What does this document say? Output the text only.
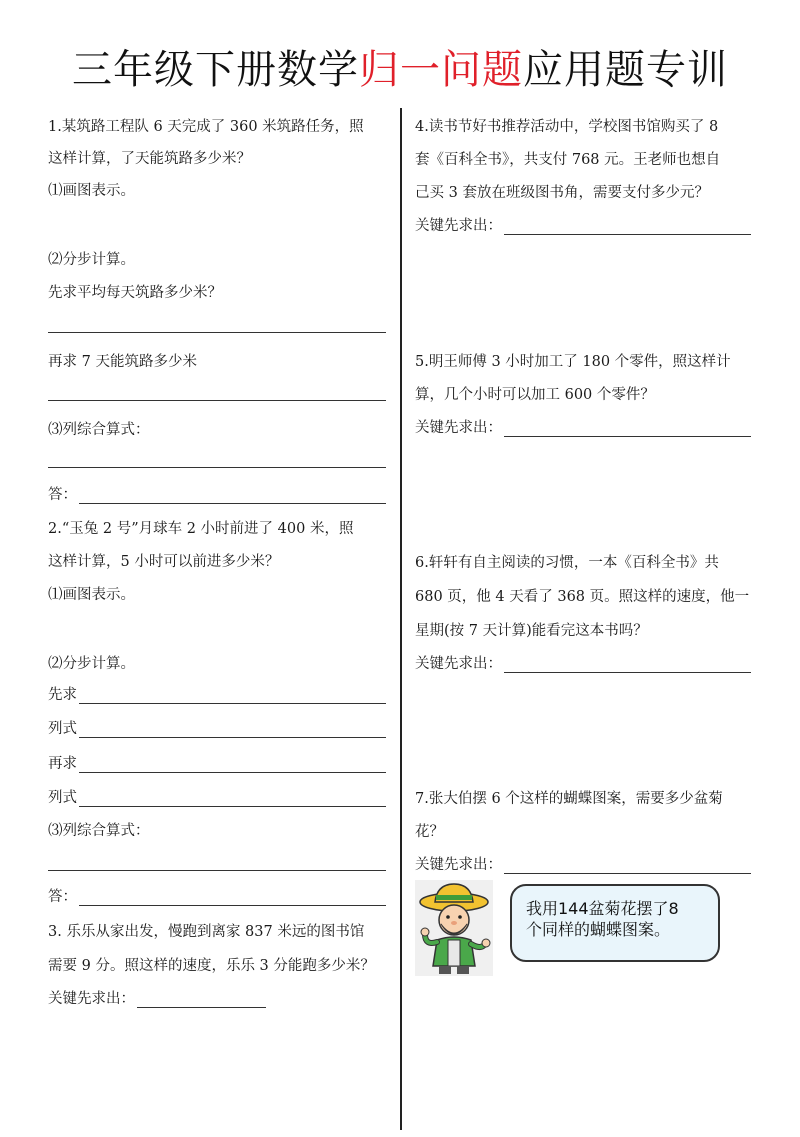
三年级下册数学归一问题应用题专训
1.某筑路工程队 6 天完成了 360 米筑路任务，照
这样计算，了天能筑路多少米？
⑴画图表示。
⑵分步计算。
先求平均每天筑路多少米？
再求 7 天能筑路多少米
⑶列综合算式：
答：
2.“玉兔 2 号”月球车 2 小时前进了 400 米，照
这样计算，5 小时可以前进多少米？
⑴画图表示。
⑵分步计算。
先求
列式
再求
列式
⑶列综合算式：
答：
3. 乐乐从家出发，慢跑到离家 837 米远的图书馆
需要 9 分。照这样的速度，乐乐 3 分能跑多少米？
关键先求出：
4.读书节好书推荐活动中，学校图书馆购买了 8
套《百科全书》，共支付 768 元。王老师也想自
己买 3 套放在班级图书角，需要支付多少元？
关键先求出：
5.明王师傅 3 小时加工了 180 个零件，照这样计
算，几个小时可以加工 600 个零件？
关键先求出：
6.轩轩有自主阅读的习惯，一本《百科全书》共
680 页，他 4 天看了 368 页。照这样的速度，他一
星期(按 7 天计算)能看完这本书吗？
关键先求出：
7.张大伯摆 6 个这样的蝴蝶图案，需要多少盆菊
花？
关键先求出：
我用144盆菊花摆了8
个同样的蝴蝶图案。
